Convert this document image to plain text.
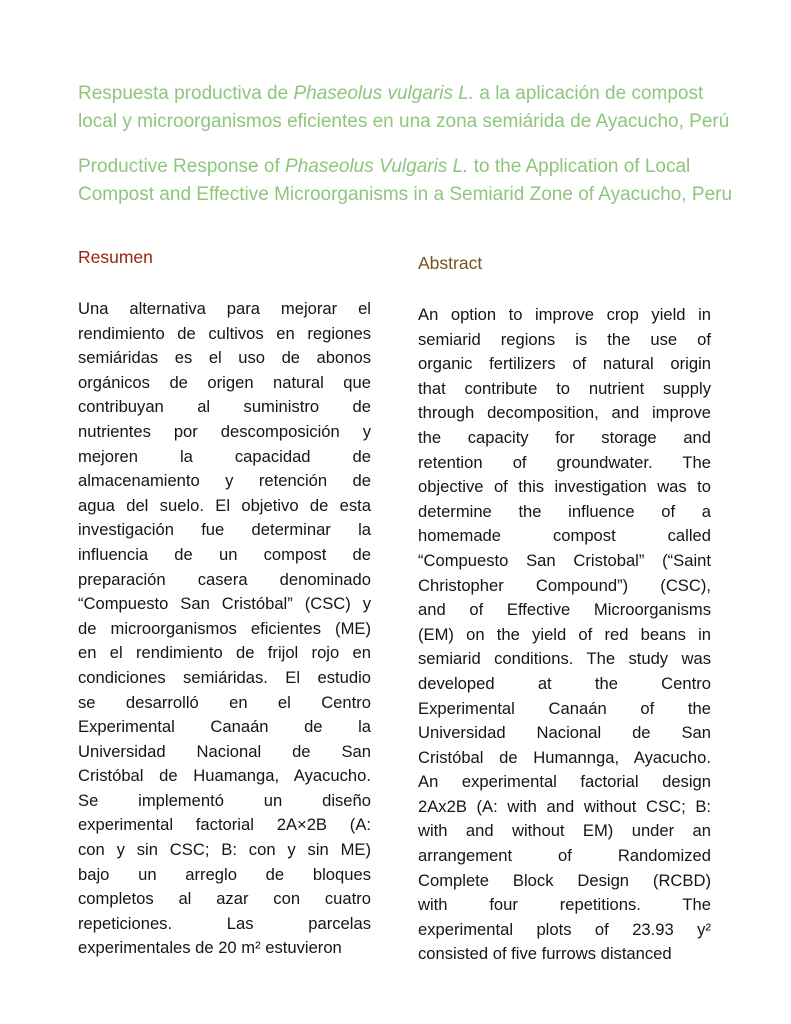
Respuesta productiva de Phaseolus vulgaris L. a la aplicación de compost
local y microorganismos eficientes en una zona semiárida de Ayacucho, Perú
Productive Response of Phaseolus Vulgaris L. to the Application of Local
Compost and Effective Microorganisms in a Semiarid Zone of Ayacucho, Peru
Resumen
Una alternativa para mejorar el
rendimiento de cultivos en regiones
semiáridas es el uso de abonos
orgánicos de origen natural que
contribuyan al suministro de
nutrientes por descomposición y
mejoren la capacidad de
almacenamiento y retención de
agua del suelo. El objetivo de esta
investigación fue determinar la
influencia de un compost de
preparación casera denominado
“Compuesto San Cristóbal” (CSC) y
de microorganismos eficientes (ME)
en el rendimiento de frijol rojo en
condiciones semiáridas. El estudio
se desarrolló en el Centro
Experimental Canaán de la
Universidad Nacional de San
Cristóbal de Huamanga, Ayacucho.
Se implementó un diseño
experimental factorial 2A×2B (A:
con y sin CSC; B: con y sin ME)
bajo un arreglo de bloques
completos al azar con cuatro
repeticiones. Las parcelas
experimentales de 20 m² estuvieron
Abstract
An option to improve crop yield in
semiarid regions is the use of
organic fertilizers of natural origin
that contribute to nutrient supply
through decomposition, and improve
the capacity for storage and
retention of groundwater. The
objective of this investigation was to
determine the influence of a
homemade compost called
“Compuesto San Cristobal” (“Saint
Christopher Compound”) (CSC),
and of Effective Microorganisms
(EM) on the yield of red beans in
semiarid conditions. The study was
developed at the Centro
Experimental Canaán of the
Universidad Nacional de San
Cristóbal de Humannga, Ayacucho.
An experimental factorial design
2Ax2B (A: with and without CSC; B:
with and without EM) under an
arrangement of Randomized
Complete Block Design (RCBD)
with four repetitions. The
experimental plots of 23.93 y²
consisted of five furrows distanced
